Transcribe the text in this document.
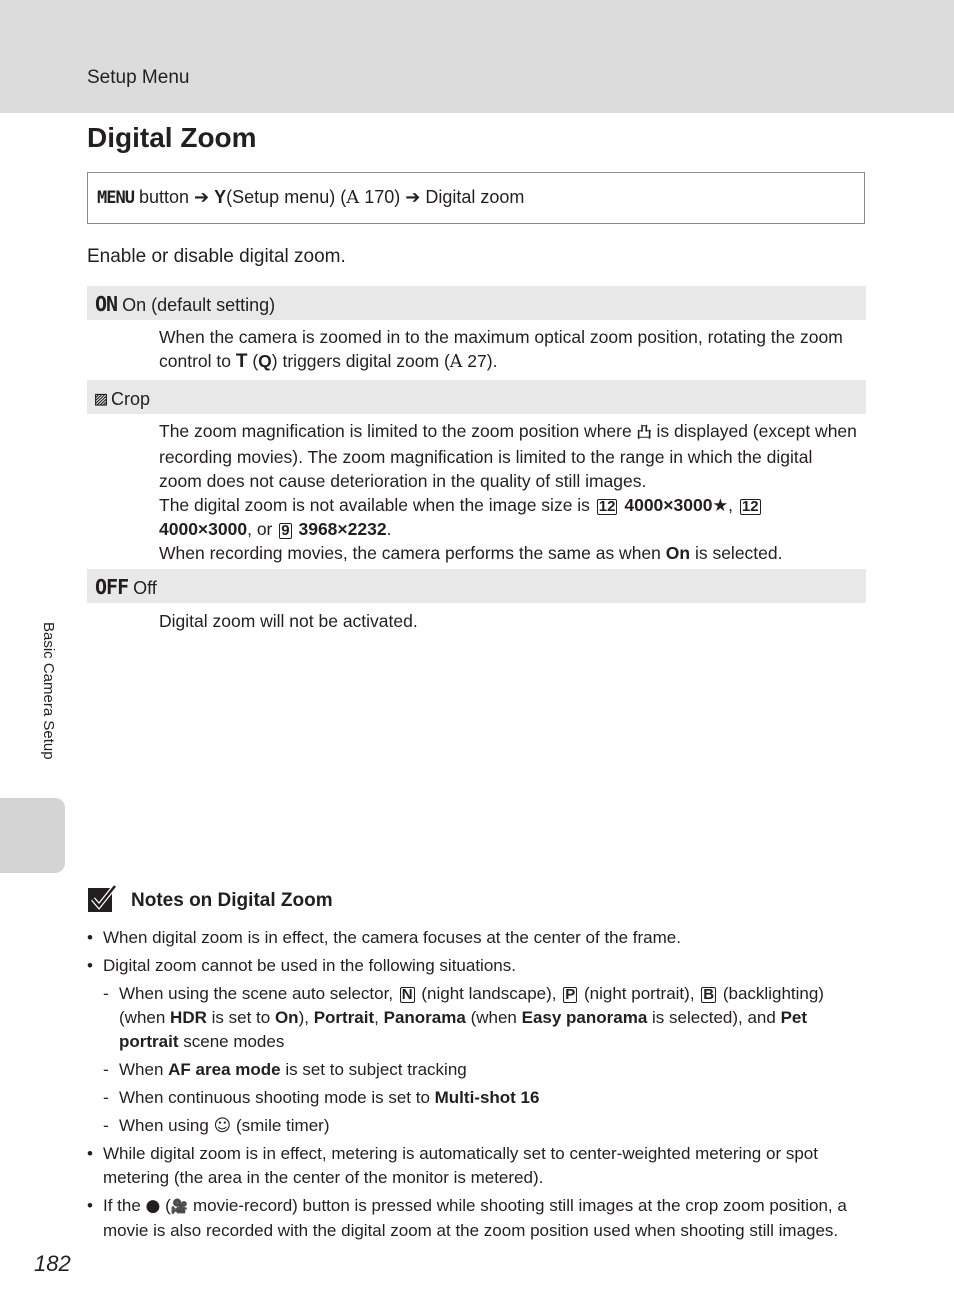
Setup Menu
Digital Zoom
MENU button ➔ Y(Setup menu) (A 170) ➔ Digital zoom
Enable or disable digital zoom.
ON On (default setting)

When the camera is zoomed in to the maximum optical zoom position, rotating the zoom control to T (Q) triggers digital zoom (A 27).

▨ Crop

The zoom magnification is limited to the zoom position where 凸 is displayed (except when recording movies). The zoom magnification is limited to the range in which the digital zoom does not cause deterioration in the quality of still images.

The digital zoom is not available when the image size is 12 4000×3000★, 12 4000×3000, or 9 3968×2232.

When recording movies, the camera performs the same as when On is selected.

OFF Off

Digital zoom will not be activated.

Basic Camera Setup
Notes on Digital Zoom
• When digital zoom is in effect, the camera focuses at the center of the frame.
• Digital zoom cannot be used in the following situations.
- When using the scene auto selector, N (night landscape), P (night portrait), B (backlighting) (when HDR is set to On), Portrait, Panorama (when Easy panorama is selected), and Pet portrait scene modes
- When AF area mode is set to subject tracking
- When continuous shooting mode is set to Multi-shot 16
- When using ☺ (smile timer)
• While digital zoom is in effect, metering is automatically set to center-weighted metering or spot metering (the area in the center of the monitor is metered).
• If the ● (🎥 movie-record) button is pressed while shooting still images at the crop zoom position, a movie is also recorded with the digital zoom at the zoom position used when shooting still images.
182
